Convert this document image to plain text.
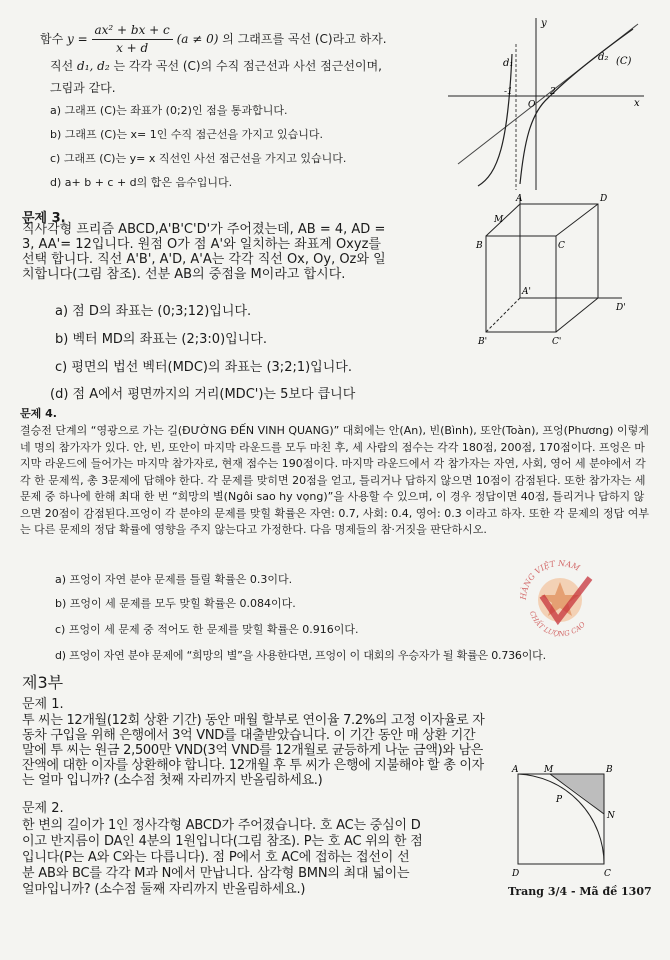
함수 $y = \frac{\text{ax² + bx + c}}{x + d} (a \ne 0)$ 의 그래프를 곡선 (C)라고 하자.
직선 d₁, d₂ 는 각각 곡선 (C)의 수직 점근선과 사선 점근선이며,
그림과 같다.
a) 그래프 (C)는 좌표가 (0;2)인 점을 통과합니다.
b) 그래프 (C)는 x= 1인 수직 점근선을 가지고 있습니다.
c) 그래프 (C)는 y= x 직선인 사선 점근선을 가지고 있습니다.
d) a+ b + c + d의 합은 음수입니다.
y
d₁
d₂ (C)
-1
O
2
x
문제 3.
직사각형 프리즘 ABCD,A'B'C'D'가 주어졌는데, AB = 4, AD =
3, AA'= 12입니다. 원점 O가 점 A'와 일치하는 좌표계 Oxyz를
선택 합니다. 직선 A'B', A'D, A'A는 각각 직선 Ox, Oy, Oz와 일
치합니다(그림 참조). 선분 AB의 중점을 M이라고 합시다.
a) 점 D의 좌표는 (0;3;12)입니다.
b) 벡터 MD의 좌표는 (2;3:0)입니다.
c) 평면의 법선 벡터(MDC)의 좌표는 (3;2;1)입니다.
(d) 점 A에서 평면까지의 거리(MDC')는 5보다 큽니다
A	D
M
B	C
A'
D'
B'	C'
문제 4.
결승전 단계의 “영광으로 가는 길(ĐƯỜNG ĐẾN VINH QUANG)” 대회에는 안(An), 빈(Bình), 또안(Toàn), 프엉(Phương) 이렇게 네 명의 참가자가 있다. 안, 빈, 또안이 마지막 라운드를 모두 마친 후, 세 사람의 점수는 각각 180점, 200점, 170점이다. 프엉은 마지막 라운드에 들어가는 마지막 참가자로, 현재 점수는 190점이다. 마지막 라운드에서 각 참가자는 자연, 사회, 영어 세 분야에서 각각 한 문제씩, 총 3문제에 답해야 한다. 각 문제를 맞히면 20점을 얻고, 틀리거나 답하지 않으면 10점이 감점된다. 또한 참가자는 세 문제 중 하나에 한해 최대 한 번 “희망의 별(Ngôi sao hy vọng)”을 사용할 수 있으며, 이 경우 정답이면 40점, 틀리거나 답하지 않으면 20점이 감점된다.프엉이 각 분야의 문제를 맞힐 확률은 자연: 0.7, 사회: 0.4, 영어: 0.3 이라고 하자. 또한 각 문제의 정답 여부는 다른 문제의 정답 확률에 영향을 주지 않는다고 가정한다. 다음 명제들의 참·거짓을 판단하시오.
a) 프엉이 자연 분야 문제를 틀릴 확률은 0.3이다.
b) 프엉이 세 문제를 모두 맞힐 확률은 0.084이다.
c) 프엉이 세 문제 중 적어도 한 문제를 맞힐 확률은 0.916이다.
d) 프엉이 자연 분야 문제에 “희망의 별”을 사용한다면, 프엉이 이 대회의 우승자가 될 확률은 0.736이다.
HÀNG VIỆT NAM
CHẤT LƯỢNG CAO
제3부
문제 1.
투 씨는 12개월(12회 상환 기간) 동안 매월 할부로 연이율 7.2%의 고정 이자율로 자
동차 구입을 위해 은행에서 3억 VND를 대출받았습니다. 이 기간 동안 매 상환 기간
말에 투 씨는 원금 2,500만 VND(3억 VND를 12개월로 균등하게 나눈 금액)와 남은
잔액에 대한 이자를 상환해야 합니다. 12개월 후 투 씨가 은행에 지불해야 할 총 이자
는 얼마 입니까? (소수점 첫째 자리까지 반올림하세요.)
문제 2.
한 변의 길이가 1인 정사각형 ABCD가 주어졌습니다. 호 AC는 중심이 D
이고 반지름이 DA인 4분의 1원입니다(그림 참조). P는 호 AC 위의 한 점
입니다(P는 A와 C와는 다릅니다). 점 P에서 호 AC에 접하는 접선이 선
분 AB와 BC를 각각 M과 N에서 만납니다. 삼각형 BMN의 최대 넓이는
얼마입니까? (소수점 둘째 자리까지 반올림하세요.)
A	M	B
P
N
D	C
Trang 3/4 - Mã đề 1307
